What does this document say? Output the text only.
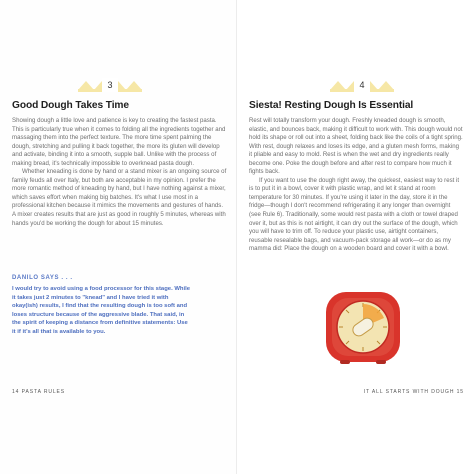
3
Good Dough Takes Time

Showing dough a little love and patience is key to creating the fastest pasta. This is particularly true when it comes to folding all the ingredients together and massaging them into the perfect texture. The more time spent palming the dough, stretching and pulling it back together, the more its gluten will develop and activate, binding it into a smooth, supple ball. Unlike with the process of making bread, it's technically impossible to overknead pasta dough.

Whether kneading is done by hand or a stand mixer is an ongoing source of family feuds all over Italy, but both are acceptable in my opinion. I prefer the more romantic method of kneading by hand, but I have nothing against a mixer, which saves effort when making big batches. It's what I use most in a professional kitchen because it mimics the movements and gestures of hands. A mixer creates results that are just as good in roughly 5 minutes, whereas with hands you'd be working the dough for about 15 minutes.

DANILO SAYS . . .
I would try to avoid using a food processor for this stage. While it takes just 2 minutes to "knead" and I have tried it with okay(ish) results, I find that the resulting dough is too soft and loses structure because of the aggressive blade. That said, in the spirit of keeping a distance from definitive statements: Use it if it's all that is available to you.
14 PASTA RULES
4
Siesta! Resting Dough Is Essential

Rest will totally transform your dough. Freshly kneaded dough is smooth, elastic, and bounces back, making it difficult to work with. This dough would not hold its shape or roll out into a sheet, folding back like the coils of a tight spring. With rest, dough relaxes and loses its edge, and a gluten mesh forms, making it pliable and easy to mold. Rest is when the wet and dry ingredients really become one. Poke the dough before and after rest to compare how much it fights back.

If you want to use the dough right away, the quickest, easiest way to rest it is to put it in a bowl, cover it with plastic wrap, and let it stand at room temperature for 30 minutes. If you're using it later in the day, store it in the fridge—though I don't recommend refrigerating it any longer than overnight (see Rule 6). Traditionally, some would rest pasta with a cloth or towel draped over it, but as this is not airtight, it can dry out the surface of the dough, which you will have to trim off. To reduce your plastic use, airtight containers, reusable resealable bags, and vacuum-pack storage all work—or do as my mamma did: Place the dough on a wooden board and cover it with a bowl.

IT ALL STARTS WITH DOUGH 15
